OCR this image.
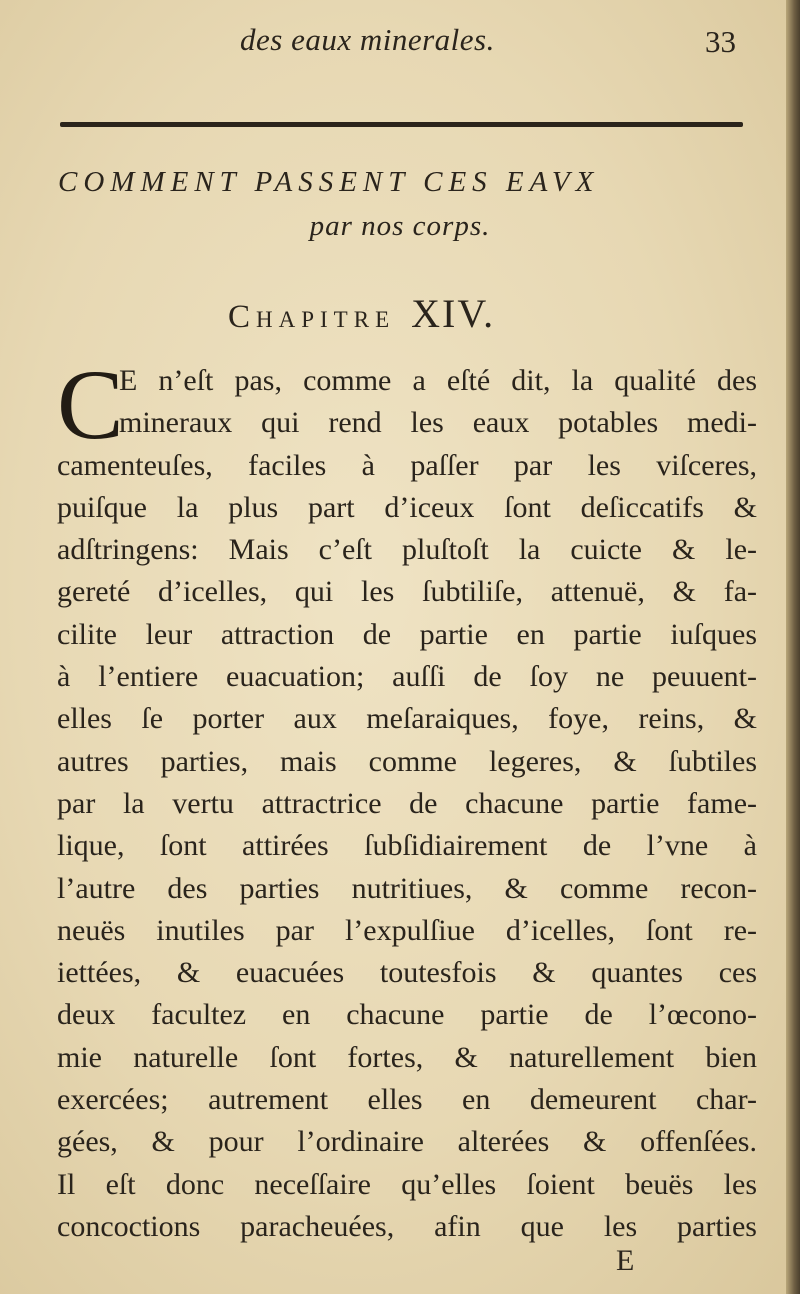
des eaux minerales.	33
COMMENT PASSENT CES EAVX
par nos corps.
Chapitre XIV.
C
E n’eſt pas, comme a eſté dit, la qualité des
mineraux qui rend les eaux potables medi-
camenteuſes, faciles à paſſer par les viſceres,
puiſque la plus part d’iceux ſont deſiccatifs &
adſtringens: Mais c’eſt pluſtoſt la cuicte & le-
gereté d’icelles, qui les ſubtiliſe, attenuë, & fa-
cilite leur attraction de partie en partie iuſques
à l’entiere euacuation; auſſi de ſoy ne peuuent-
elles ſe porter aux meſaraiques, foye, reins, &
autres parties, mais comme legeres, & ſubtiles
par la vertu attractrice de chacune partie fame-
lique, ſont attirées ſubſidiairement de l’vne à
l’autre des parties nutritiues, & comme recon-
neuës inutiles par l’expulſiue d’icelles, ſont re-
iettées, & euacuées toutesfois & quantes ces
deux facultez en chacune partie de l’œcono-
mie naturelle ſont fortes, & naturellement bien
exercées; autrement elles en demeurent char-
gées, & pour l’ordinaire alterées & offenſées.
Il eſt donc neceſſaire qu’elles ſoient beuës les
concoctions paracheuées, afin que les parties
E
